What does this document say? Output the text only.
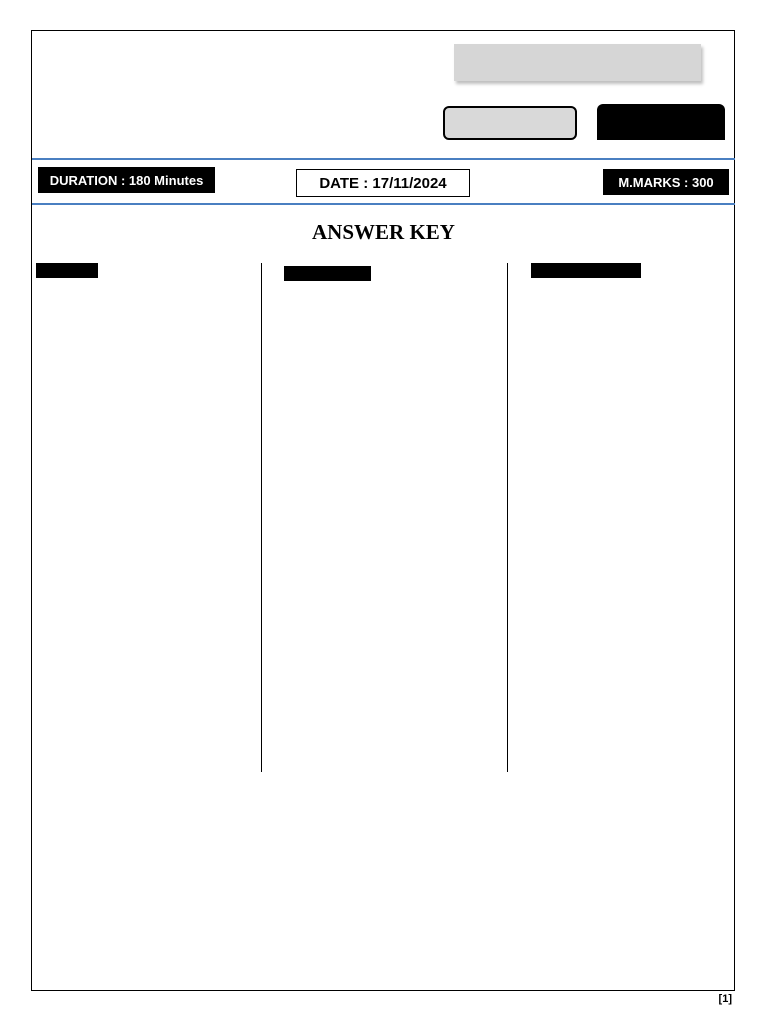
DURATION : 180 Minutes	DATE : 17/11/2024	M.MARKS : 300
ANSWER KEY
[1]
